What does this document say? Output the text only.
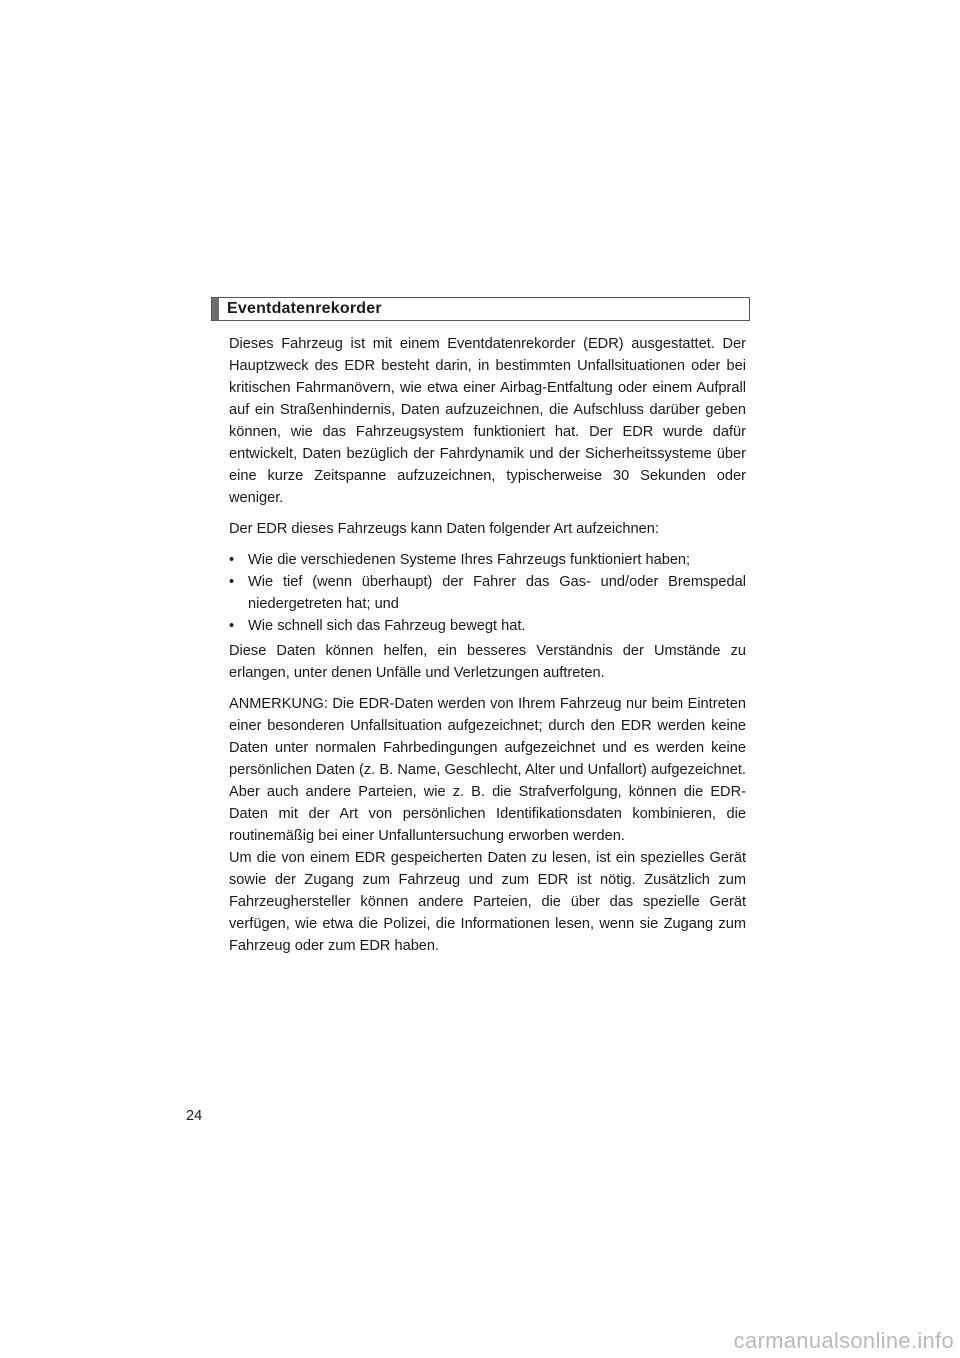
Eventdatenrekorder

Dieses Fahrzeug ist mit einem Eventdatenrekorder (EDR) ausgestattet. Der Hauptzweck des EDR besteht darin, in bestimmten Unfallsituationen oder bei kritischen Fahrmanövern, wie etwa einer Airbag-Entfaltung oder einem Aufprall auf ein Straßenhindernis, Daten aufzuzeichnen, die Aufschluss darüber geben können, wie das Fahrzeugsystem funktioniert hat. Der EDR wurde dafür entwickelt, Daten bezüglich der Fahrdynamik und der Sicherheitssysteme über eine kurze Zeitspanne aufzuzeichnen, typischerweise 30 Sekunden oder weniger.

Der EDR dieses Fahrzeugs kann Daten folgender Art aufzeichnen:

• Wie die verschiedenen Systeme Ihres Fahrzeugs funktioniert haben;
• Wie tief (wenn überhaupt) der Fahrer das Gas- und/oder Bremspedal niedergetreten hat; und
• Wie schnell sich das Fahrzeug bewegt hat.

Diese Daten können helfen, ein besseres Verständnis der Umstände zu erlangen, unter denen Unfälle und Verletzungen auftreten.

ANMERKUNG: Die EDR-Daten werden von Ihrem Fahrzeug nur beim Eintreten einer besonderen Unfallsituation aufgezeichnet; durch den EDR werden keine Daten unter normalen Fahrbedingungen aufgezeichnet und es werden keine persönlichen Daten (z. B. Name, Geschlecht, Alter und Unfallort) aufgezeichnet. Aber auch andere Parteien, wie z. B. die Strafverfolgung, können die EDR-Daten mit der Art von persönlichen Identifikationsdaten kombinieren, die routinemäßig bei einer Unfalluntersuchung erworben werden.

Um die von einem EDR gespeicherten Daten zu lesen, ist ein spezielles Gerät sowie der Zugang zum Fahrzeug und zum EDR ist nötig. Zusätzlich zum Fahrzeughersteller können andere Parteien, die über das spezielle Gerät verfügen, wie etwa die Polizei, die Informationen lesen, wenn sie Zugang zum Fahrzeug oder zum EDR haben.

24
carmanualsonline.info
